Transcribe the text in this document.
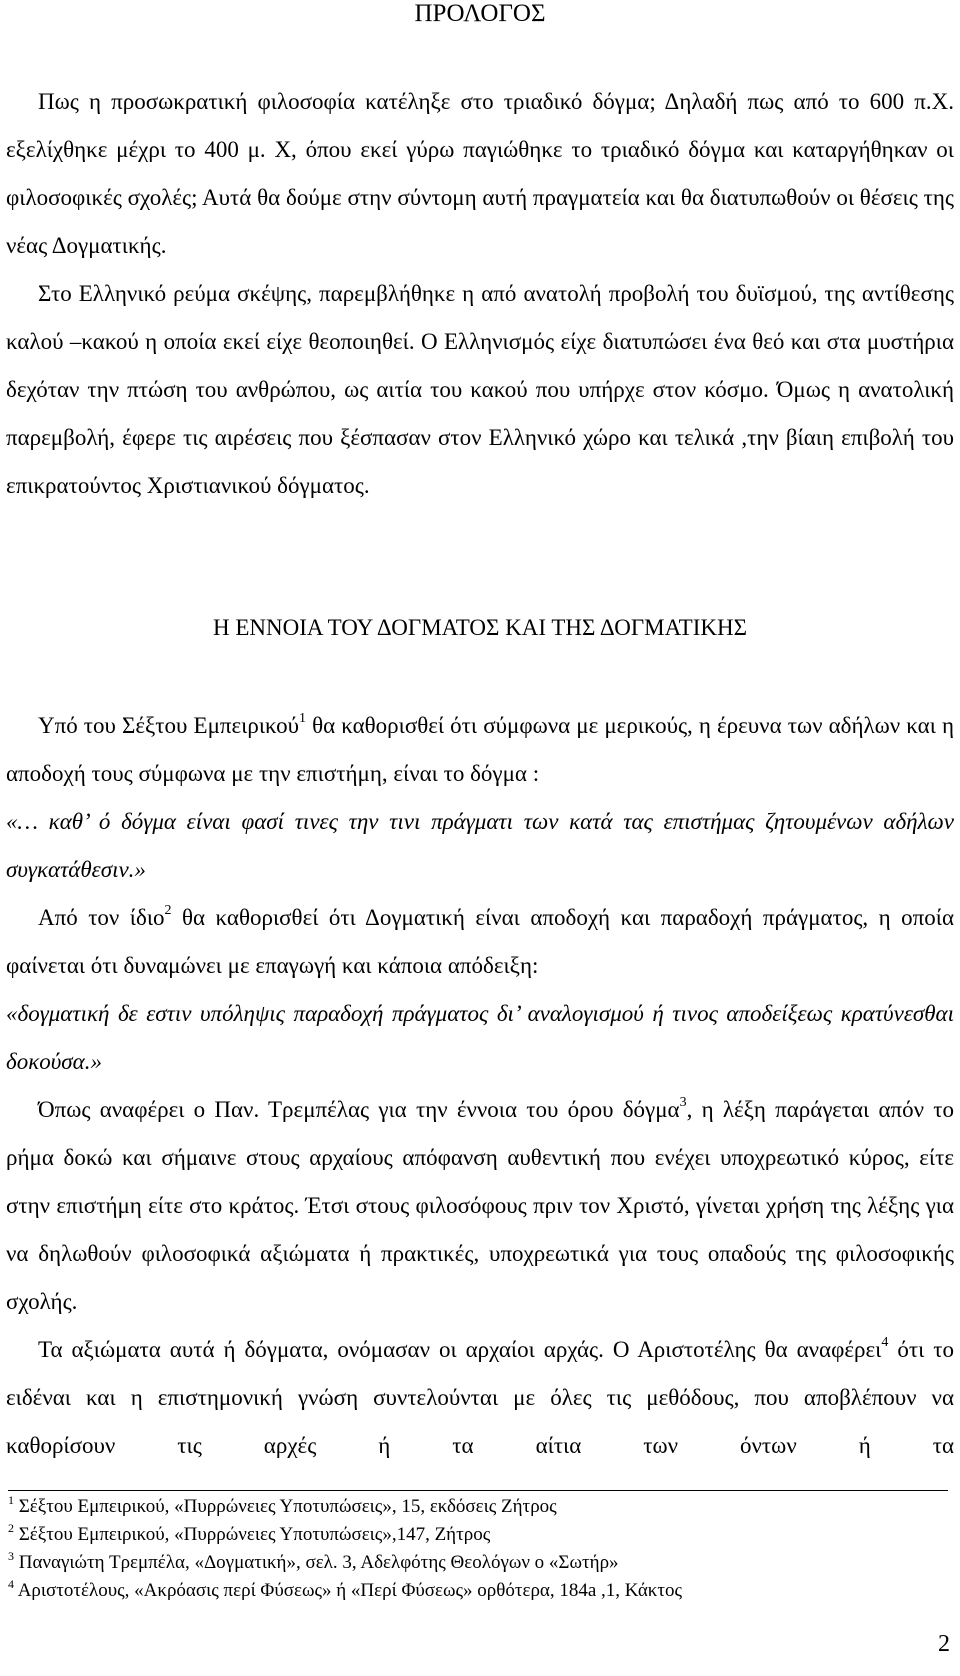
ΠΡΟΛΟΓΟΣ

Πως η προσωκρατική φιλοσοφία κατέληξε στο τριαδικό δόγμα; Δηλαδή πως από το 600 π.Χ. εξελίχθηκε μέχρι το 400 μ. Χ, όπου εκεί γύρω παγιώθηκε το τριαδικό δόγμα και καταργήθηκαν οι φιλοσοφικές σχολές; Αυτά θα δούμε στην σύντομη αυτή πραγματεία και θα διατυπωθούν οι θέσεις της νέας Δογματικής.

Στο Ελληνικό ρεύμα σκέψης, παρεμβλήθηκε η από ανατολή προβολή του δυϊσμού, της αντίθεσης καλού –κακού η οποία εκεί είχε θεοποιηθεί. Ο Ελληνισμός είχε διατυπώσει ένα θεό και στα μυστήρια δεχόταν την πτώση του ανθρώπου, ως αιτία του κακού που υπήρχε στον κόσμο. Όμως η ανατολική παρεμβολή, έφερε τις αιρέσεις που ξέσπασαν στον Ελληνικό χώρο και τελικά ,την βίαιη επιβολή του επικρατούντος Χριστιανικού δόγματος.

Η ΕΝΝΟΙΑ ΤΟΥ ΔΟΓΜΑΤΟΣ ΚΑΙ ΤΗΣ ΔΟΓΜΑΤΙΚΗΣ

Υπό του Σέξτου Εμπειρικού$^1$ θα καθορισθεί ότι σύμφωνα με μερικούς, η έρευνα των αδήλων και η αποδοχή τους σύμφωνα με την επιστήμη, είναι το δόγμα :

«… καθ’ ό δόγμα είναι φασί τινες την τινι πράγματι των κατά τας επιστήμας ζητουμένων αδήλων συγκατάθεσιν.»

Από τον ίδιο$^2$ θα καθορισθεί ότι Δογματική είναι αποδοχή και παραδοχή πράγματος, η οποία φαίνεται ότι δυναμώνει με επαγωγή και κάποια απόδειξη:

«δογματική δε εστιν υπόληψις παραδοχή πράγματος δι’ αναλογισμού ή τινος αποδείξεως κρατύνεσθαι δοκούσα.»

Όπως αναφέρει ο Παν. Τρεμπέλας για την έννοια του όρου δόγμα$^3$, η λέξη παράγεται απόν το ρήμα δοκώ και σήμαινε στους αρχαίους απόφανση αυθεντική που ενέχει υποχρεωτικό κύρος, είτε στην επιστήμη είτε στο κράτος. Έτσι στους φιλοσόφους πριν τον Χριστό, γίνεται χρήση της λέξης για να δηλωθούν φιλοσοφικά αξιώματα ή πρακτικές, υποχρεωτικά για τους οπαδούς της φιλοσοφικής σχολής.

Τα αξιώματα αυτά ή δόγματα, ονόμασαν οι αρχαίοι αρχάς. Ο Αριστοτέλης θα αναφέρει$^4$ ότι το ειδέναι και η επιστημονική γνώση συντελούνται με όλες τις μεθόδους, που αποβλέπουν να καθορίσουν τις αρχές ή τα αίτια των όντων ή τα

$^1$ Σέξτου Εμπειρικού, «Πυρρώνειες Υποτυπώσεις», 15, εκδόσεις Ζήτρος

$^2$ Σέξτου Εμπειρικού, «Πυρρώνειες Υποτυπώσεις»,147, Ζήτρος

$^3$ Παναγιώτη Τρεμπέλα, «Δογματική», σελ. 3, Αδελφότης Θεολόγων ο «Σωτήρ»

$^4$ Αριστοτέλους, «Ακρόασις περί Φύσεως» ή «Περί Φύσεως» ορθότερα, 184a ,1, Κάκτος

2
